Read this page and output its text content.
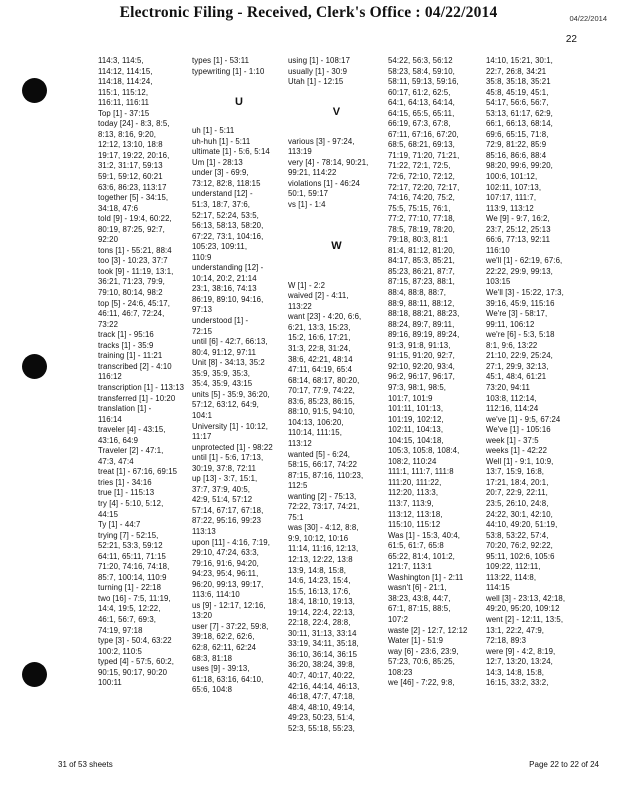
Electronic Filing - Received, Clerk's Office : 04/22/2014	04/22/2014
22
114:3, 114:5,
114:12, 114:15,
114:18, 114:24,
115:1, 115:12,
116:11, 116:11
Top [1] - 37:15
today [24] - 8:3, 8:5,
8:13, 8:16, 9:20,
12:12, 13:10, 18:8
19:17, 19:22, 20:16,
31:2, 31:17, 59:13
59:1, 59:12, 60:21
63:6, 86:23, 113:17
together [5] - 34:15,
34:18, 47:6
told [9] - 19:4, 60:22,
80:19, 87:25, 92:7,
92:20
tons [1] - 55:21, 88:4
too [3] - 10:23, 37:7
took [9] - 11:19, 13:1,
36:21, 71:23, 79:9,
79:10, 80:14, 98:2
top [5] - 24:6, 45:17,
46:11, 46:7, 72:24,
73:22
track [1] - 95:16
tracks [1] - 35:9
training [1] - 11:21
transcribed [2] - 4:10
116:12
transcription [1] - 113:13
transferred [1] - 10:20
translation [1] -
116:14
traveler [4] - 43:15,
43:16, 64:9
Traveler [2] - 47:1,
47:3, 47:4
treat [1] - 67:16, 69:15
tries [1] - 34:16
true [1] - 115:13
try [4] - 5:10, 5:12,
44:15
Ty [1] - 44:7
trying [7] - 52:15,
52:21, 53:3, 59:12
64:11, 65:11, 71:15
71:20, 74:16, 74:18,
85:7, 100:14, 110:9
turning [1] - 22:18
two [16] - 7:5, 11:19,
14:4, 19:5, 12:22,
46:1, 56:7, 69:3,
74:19, 97:18
type [3] - 50:4, 63:22
100:2, 110:5
typed [4] - 57:5, 60:2,
90:15, 90:17, 90:20
100:11
types [1] - 53:11
typewriting [1] - 1:10
U
uh [1] - 5:11
uh-huh [1] - 5:11
ultimate [1] - 5:6, 5:14
Um [1] - 28:13
under [3] - 69:9,
73:12, 82:8, 118:15
understand [12] -
51:3, 18:7, 37:6,
52:17, 52:24, 53:5,
56:13, 58:13, 58:20,
67:22, 73:1, 104:16,
105:23, 109:11,
110:9
understanding [12] -
10:14, 20:2, 21:14
23:1, 38:16, 74:13
86:19, 89:10, 94:16,
97:13
understood [1] -
72:15
until [6] - 42:7, 66:13,
80:4, 91:12, 97:11
Unit [8] - 34:13, 35:2
35:9, 35:9, 35:3,
35:4, 35:9, 43:15
units [5] - 35:9, 36:20,
57:12, 63:12, 64:9,
104:1
University [1] - 10:12,
11:17
unprotected [1] - 98:22
until [1] - 5:6, 17:13,
30:19, 37:8, 72:11
up [13] - 3:7, 15:1,
37:7, 37:9, 40:5,
42:9, 51:4, 57:12
57:14, 67:17, 67:18,
87:22, 95:16, 99:23
113:13
upon [11] - 4:16, 7:19,
29:10, 47:24, 63:3,
79:16, 91:6, 94:20,
94:23, 95:4, 96:11,
96:20, 99:13, 99:17,
113:6, 114:10
us [9] - 12:17, 12:16,
13:20
user [7] - 37:22, 59:8,
39:18, 62:2, 62:6,
62:8, 62:11, 62:24
68:3, 81:18
uses [9] - 39:13,
61:18, 63:16, 64:10,
65:6, 104:8
using [1] - 108:17
usually [1] - 30:9
Utah [1] - 12:15
V
various [3] - 97:24,
113:19
very [4] - 78:14, 90:21,
99:21, 114:22
violations [1] - 46:24
50:1, 59:17
vs [1] - 1:4
W
W [1] - 2:2
waived [2] - 4:11,
113:22
want [23] - 4:20, 6:6,
6:21, 13:3, 15:23,
15:2, 16:6, 17:21,
31:3, 22:8, 31:24,
38:6, 42:21, 48:14
47:11, 64:19, 65:4
68:14, 68:17, 80:20,
70:17, 77:9, 74:22,
83:6, 85:23, 86:15,
88:10, 91:5, 94:10,
104:13, 106:20,
110:14, 111:15,
113:12
wanted [5] - 6:24,
58:15, 66:17, 74:22
87:15, 87:16, 110:23,
112:5
wanting [2] - 75:13,
72:22, 73:17, 74:21,
75:1
was [30] - 4:12, 8:8,
9:9, 10:12, 10:16
11:14, 11:16, 12:13,
12:13, 12:22, 13:8
13:9, 14:8, 15:8,
14:6, 14:23, 15:4,
15:5, 16:13, 17:6,
18:4, 18:10, 19:13,
19:14, 22:4, 22:13,
22:18, 22:4, 28:8,
30:11, 31:13, 33:14
33:19, 34:11, 35:18,
36:10, 36:14, 36:15
36:20, 38:24, 39:8,
40:7, 40:17, 40:22,
42:16, 44:14, 46:13,
46:18, 47:7, 47:18,
48:4, 48:10, 49:14,
49:23, 50:23, 51:4,
52:3, 55:18, 55:23,
54:22, 56:3, 56:12
58:23, 58:4, 59:10,
58:11, 59:13, 59:16,
60:17, 61:2, 62:5,
64:1, 64:13, 64:14,
64:15, 65:5, 65:11,
66:19, 67:3, 67:8,
67:11, 67:16, 67:20,
68:5, 68:21, 69:13,
71:19, 71:20, 71:21,
71:22, 72:1, 72:5,
72:6, 72:10, 72:12,
72:17, 72:20, 72:17,
74:16, 74:20, 75:2,
75:5, 75:15, 76:1,
77:2, 77:10, 77:18,
78:5, 78:19, 78:20,
79:18, 80:3, 81:1
81:4, 81:12, 81:20,
84:17, 85:3, 85:21,
85:23, 86:21, 87:7,
87:15, 87:23, 88:1,
88:4, 88:8, 88:7,
88:9, 88:11, 88:12,
88:18, 88:21, 88:23,
88:24, 89:7, 89:11,
89:16, 89:19, 89:24,
91:3, 91:8, 91:13,
91:15, 91:20, 92:7,
92:10, 92:20, 93:4,
96:2, 96:17, 96:17,
97:3, 98:1, 98:5,
101:7, 101:9
101:11, 101:13,
101:19, 102:12,
102:11, 104:13,
104:15, 104:18,
105:3, 105:8, 108:4,
108:2, 110:24
111:1, 111:7, 111:8
111:20, 111:22,
112:20, 113:3,
113:7, 113:9,
113:12, 113:18,
115:10, 115:12
Was [1] - 15:3, 40:4,
61:5, 61:7, 65:8
65:22, 81:4, 101:2,
121:7, 113:1
Washington [1] - 2:11
wasn't [6] - 21:1,
38:23, 43:8, 44:7,
67:1, 87:15, 88:5,
107:2
waste [2] - 12:7, 12:12
Water [1] - 51:9
way [6] - 23:6, 23:9,
57:23, 70:6, 85:25,
108:23
we [46] - 7:22, 9:8,
14:10, 15:21, 30:1,
22:7, 26:8, 34:21
35:8, 35:18, 35:21
45:8, 45:19, 45:1,
54:17, 56:6, 56:7,
53:13, 61:17, 62:9,
66:1, 66:13, 68:14,
69:6, 65:15, 71:8,
72:9, 81:22, 85:9
85:16, 86:6, 88:4
98:20, 99:6, 99:20,
100:6, 101:12,
102:11, 107:13,
107:17, 111:7,
113:9, 113:12
We [9] - 9:7, 16:2,
23:7, 25:12, 25:13
66:6, 77:13, 92:11
116:10
we'll [1] - 62:19, 67:6,
22:22, 29:9, 99:13,
103:15
We'll [3] - 15:22, 17:3,
39:16, 45:9, 115:16
We're [3] - 58:17,
99:11, 106:12
we're [6] - 5:3, 5:18
8:1, 9:6, 13:22
21:10, 22:9, 25:24,
27:1, 29:9, 32:13,
45:1, 48:4, 61:21
73:20, 94:11
103:8, 112:14,
112:16, 114:24
we've [1] - 9:5, 67:24
We've [1] - 105:16
week [1] - 37:5
weeks [1] - 42:22
Well [1] - 9:1, 10:9,
13:7, 15:9, 16:8,
17:21, 18:4, 20:1,
20:7, 22:9, 22:11,
23:5, 26:10, 24:8,
24:22, 30:1, 42:10,
44:10, 49:20, 51:19,
53:8, 53:22, 57:4,
70:20, 76:2, 92:22,
95:11, 102:6, 105:6
109:22, 112:11,
113:22, 114:8,
114:15
well [3] - 23:13, 42:18,
49:20, 95:20, 109:12
went [2] - 12:11, 13:5,
13:1, 22:2, 47:9,
72:18, 89:3
were [9] - 4:2, 8:19,
12:7, 13:20, 13:24,
14:3, 14:8, 15:8,
16:15, 33:2, 33:2,
31 of 53 sheets	Page 22 to 22 of 24
